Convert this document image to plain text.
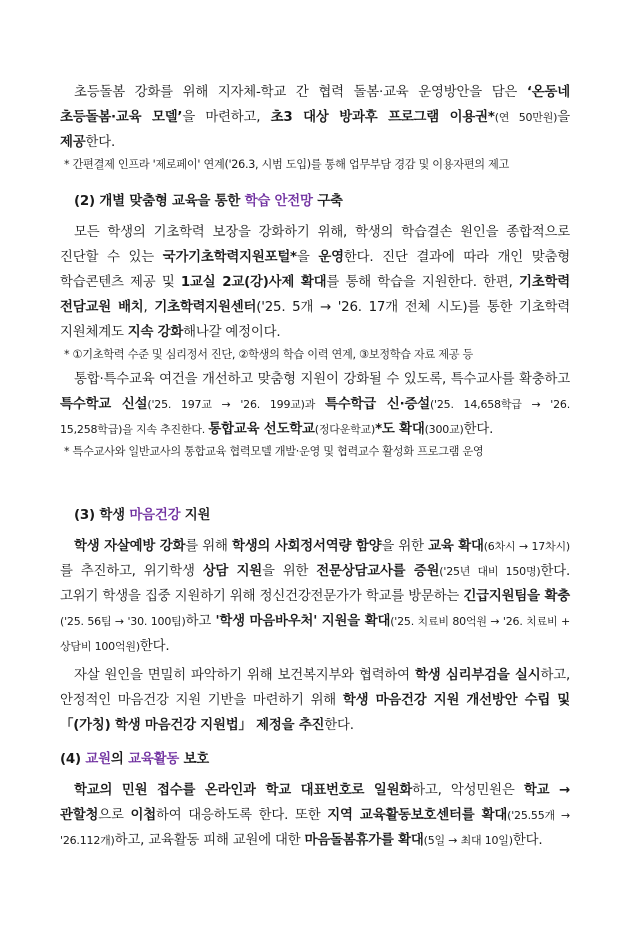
초등돌봄 강화를 위해 지자체-학교 간 협력 돌봄·교육 운영방안을 담은 ‘온동네 초등돌봄·교육 모델’을 마련하고, 초3 대상 방과후 프로그램 이용권*(연 50만원)을 제공한다.

* 간편결제 인프라 '제로페이' 연계('26.3, 시범 도입)를 통해 업무부담 경감 및 이용자편의 제고

(2) 개별 맞춤형 교육을 통한 학습 안전망 구축

모든 학생의 기초학력 보장을 강화하기 위해, 학생의 학습결손 원인을 종합적으로 진단할 수 있는 국가기초학력지원포털*을 운영한다. 진단 결과에 따라 개인 맞춤형 학습콘텐츠 제공 및 1교실 2교(강)사제 확대를 통해 학습을 지원한다. 한편, 기초학력 전담교원 배치, 기초학력지원센터('25. 5개 → '26. 17개 전체 시도)를 통한 기초학력 지원체계도 지속 강화해나갈 예정이다.

* ①기초학력 수준 및 심리정서 진단, ②학생의 학습 이력 연계, ③보정학습 자료 제공 등

통합·특수교육 여건을 개선하고 맞춤형 지원이 강화될 수 있도록, 특수교사를 확충하고 특수학교 신설('25. 197교 → '26. 199교)과 특수학급 신·증설('25. 14,658학급 → '26. 15,258학급)을 지속 추진한다. 통합교육 선도학교(정다운학교)*도 확대(300교)한다.

* 특수교사와 일반교사의 통합교육 협력모델 개발·운영 및 협력교수 활성화 프로그램 운영

(3) 학생 마음건강 지원

학생 자살예방 강화를 위해 학생의 사회정서역량 함양을 위한 교육 확대(6차시 → 17차시)를 추진하고, 위기학생 상담 지원을 위한 전문상담교사를 증원('25년 대비 150명)한다. 고위기 학생을 집중 지원하기 위해 정신건강전문가가 학교를 방문하는 긴급지원팀을 확충('25. 56팀 → '30. 100팀)하고 '학생 마음바우처' 지원을 확대('25. 치료비 80억원 → '26. 치료비 + 상담비 100억원)한다.

자살 원인을 면밀히 파악하기 위해 보건복지부와 협력하여 학생 심리부검을 실시하고, 안정적인 마음건강 지원 기반을 마련하기 위해 학생 마음건강 지원 개선방안 수립 및 「(가칭) 학생 마음건강 지원법」 제정을 추진한다.

(4) 교원의 교육활동 보호

학교의 민원 접수를 온라인과 학교 대표번호로 일원화하고, 악성민원은 학교 → 관할청으로 이첩하여 대응하도록 한다. 또한 지역 교육활동보호센터를 확대('25.55개 → '26.112개)하고, 교육활동 피해 교원에 대한 마음돌봄휴가를 확대(5일 → 최대 10일)한다.
